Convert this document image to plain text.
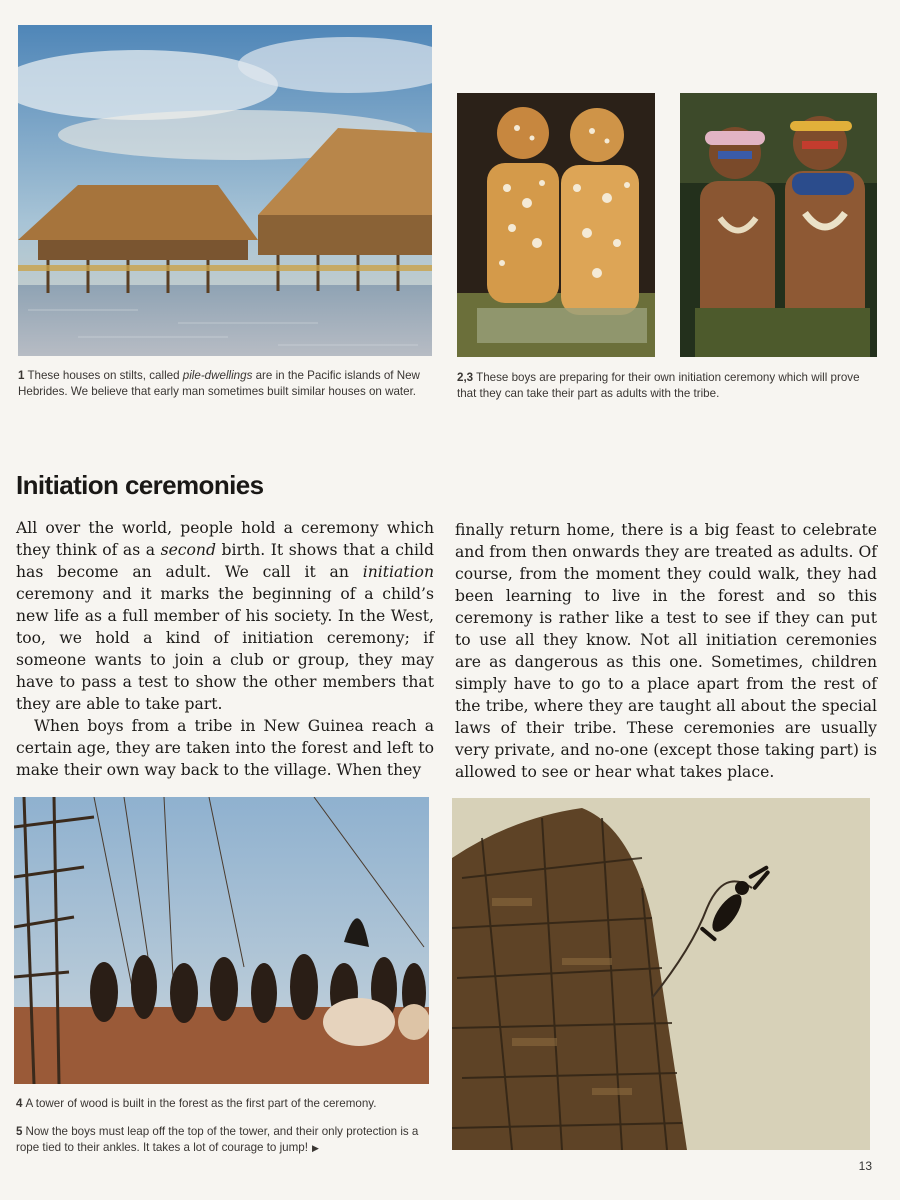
1 These houses on stilts, called pile-dwellings are in the Pacific islands of New Hebrides. We believe that early man sometimes built similar houses on water.
2,3 These boys are preparing for their own initiation ceremony which will prove that they can take their part as adults with the tribe.
Initiation ceremonies

All over the world, people hold a ceremony which they think of as a second birth. It shows that a child has become an adult. We call it an initiation ceremony and it marks the beginning of a child’s new life as a full member of his society. In the West, too, we hold a kind of initiation ceremony; if someone wants to join a club or group, they may have to pass a test to show the other members that they are able to take part.

When boys from a tribe in New Guinea reach a certain age, they are taken into the forest and left to make their own way back to the village. When they

finally return home, there is a big feast to celebrate and from then onwards they are treated as adults. Of course, from the moment they could walk, they had been learning to live in the forest and so this ceremony is rather like a test to see if they can put to use all they know. Not all initiation ceremonies are as dangerous as this one. Sometimes, children simply have to go to a place apart from the rest of the tribe, where they are taught all about the special laws of their tribe. These ceremonies are usually very private, and no-one (except those taking part) is allowed to see or hear what takes place.

4 A tower of wood is built in the forest as the first part of the ceremony.
5 Now the boys must leap off the top of the tower, and their only protection is a rope tied to their ankles. It takes a lot of courage to jump! ▶
13
